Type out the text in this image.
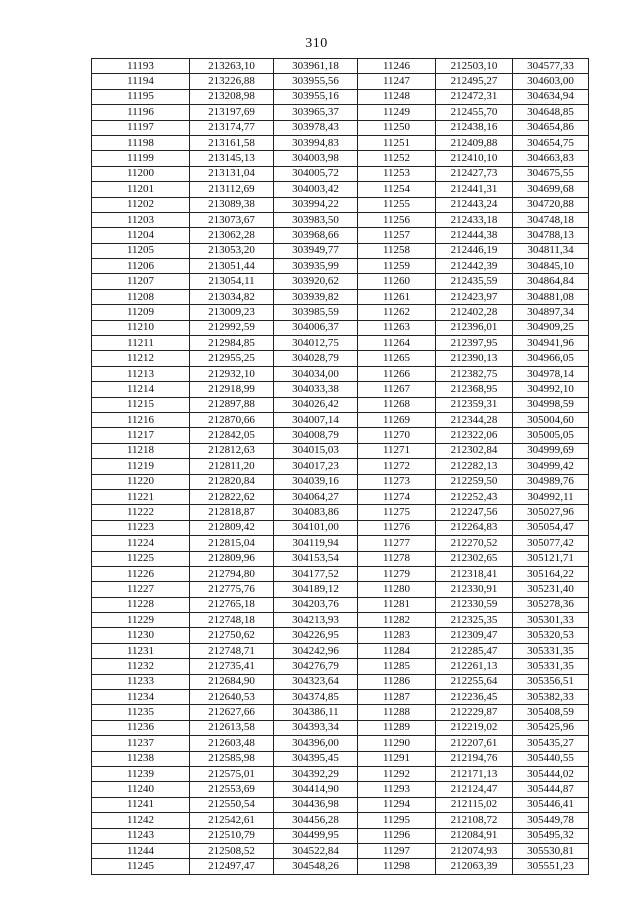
310
11193	213263,10	303961,18	11246	212503,10	304577,33
11194	213226,88	303955,56	11247	212495,27	304603,00
11195	213208,98	303955,16	11248	212472,31	304634,94
11196	213197,69	303965,37	11249	212455,70	304648,85
11197	213174,77	303978,43	11250	212438,16	304654,86
11198	213161,58	303994,83	11251	212409,88	304654,75
11199	213145,13	304003,98	11252	212410,10	304663,83
11200	213131,04	304005,72	11253	212427,73	304675,55
11201	213112,69	304003,42	11254	212441,31	304699,68
11202	213089,38	303994,22	11255	212443,24	304720,88
11203	213073,67	303983,50	11256	212433,18	304748,18
11204	213062,28	303968,66	11257	212444,38	304788,13
11205	213053,20	303949,77	11258	212446,19	304811,34
11206	213051,44	303935,99	11259	212442,39	304845,10
11207	213054,11	303920,62	11260	212435,59	304864,84
11208	213034,82	303939,82	11261	212423,97	304881,08
11209	213009,23	303985,59	11262	212402,28	304897,34
11210	212992,59	304006,37	11263	212396,01	304909,25
11211	212984,85	304012,75	11264	212397,95	304941,96
11212	212955,25	304028,79	11265	212390,13	304966,05
11213	212932,10	304034,00	11266	212382,75	304978,14
11214	212918,99	304033,38	11267	212368,95	304992,10
11215	212897,88	304026,42	11268	212359,31	304998,59
11216	212870,66	304007,14	11269	212344,28	305004,60
11217	212842,05	304008,79	11270	212322,06	305005,05
11218	212812,63	304015,03	11271	212302,84	304999,69
11219	212811,20	304017,23	11272	212282,13	304999,42
11220	212820,84	304039,16	11273	212259,50	304989,76
11221	212822,62	304064,27	11274	212252,43	304992,11
11222	212818,87	304083,86	11275	212247,56	305027,96
11223	212809,42	304101,00	11276	212264,83	305054,47
11224	212815,04	304119,94	11277	212270,52	305077,42
11225	212809,96	304153,54	11278	212302,65	305121,71
11226	212794,80	304177,52	11279	212318,41	305164,22
11227	212775,76	304189,12	11280	212330,91	305231,40
11228	212765,18	304203,76	11281	212330,59	305278,36
11229	212748,18	304213,93	11282	212325,35	305301,33
11230	212750,62	304226,95	11283	212309,47	305320,53
11231	212748,71	304242,96	11284	212285,47	305331,35
11232	212735,41	304276,79	11285	212261,13	305331,35
11233	212684,90	304323,64	11286	212255,64	305356,51
11234	212640,53	304374,85	11287	212236,45	305382,33
11235	212627,66	304386,11	11288	212229,87	305408,59
11236	212613,58	304393,34	11289	212219,02	305425,96
11237	212603,48	304396,00	11290	212207,61	305435,27
11238	212585,98	304395,45	11291	212194,76	305440,55
11239	212575,01	304392,29	11292	212171,13	305444,02
11240	212553,69	304414,90	11293	212124,47	305444,87
11241	212550,54	304436,98	11294	212115,02	305446,41
11242	212542,61	304456,28	11295	212108,72	305449,78
11243	212510,79	304499,95	11296	212084,91	305495,32
11244	212508,52	304522,84	11297	212074,93	305530,81
11245	212497,47	304548,26	11298	212063,39	305551,23
